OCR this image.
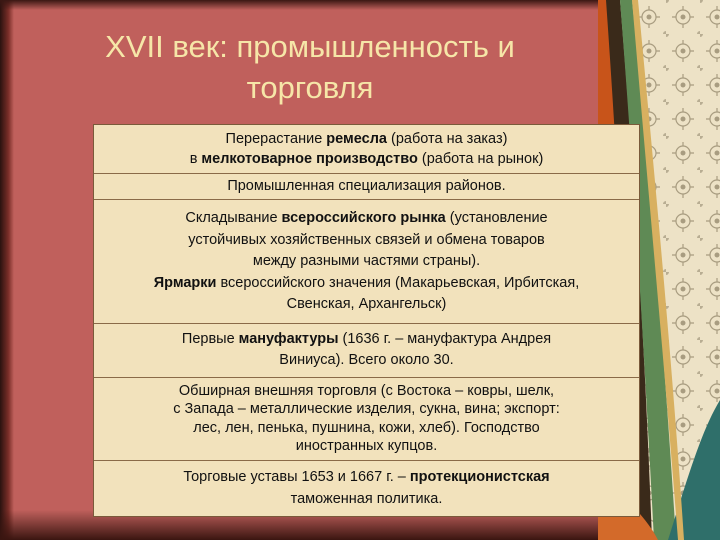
XVII век: промышленность и
торговля
Перерастание ремесла (работа на заказ)
в мелкотоварное производство (работа на рынок)
Промышленная специализация районов.
Складывание всероссийского рынка (установление
устойчивых хозяйственных связей и обмена товаров
между разными частями страны).
Ярмарки всероссийского значения (Макарьевская, Ирбитская,
Свенская, Архангельск)
Первые мануфактуры (1636 г. – мануфактура Андрея
Виниуса). Всего около 30.
Обширная внешняя торговля (с Востока – ковры, шелк,
с Запада – металлические изделия, сукна, вина; экспорт:
лес, лен, пенька, пушнина, кожи, хлеб). Господство
иностранных купцов.
Торговые уставы 1653 и 1667 г. – протекционистская
таможенная политика.
